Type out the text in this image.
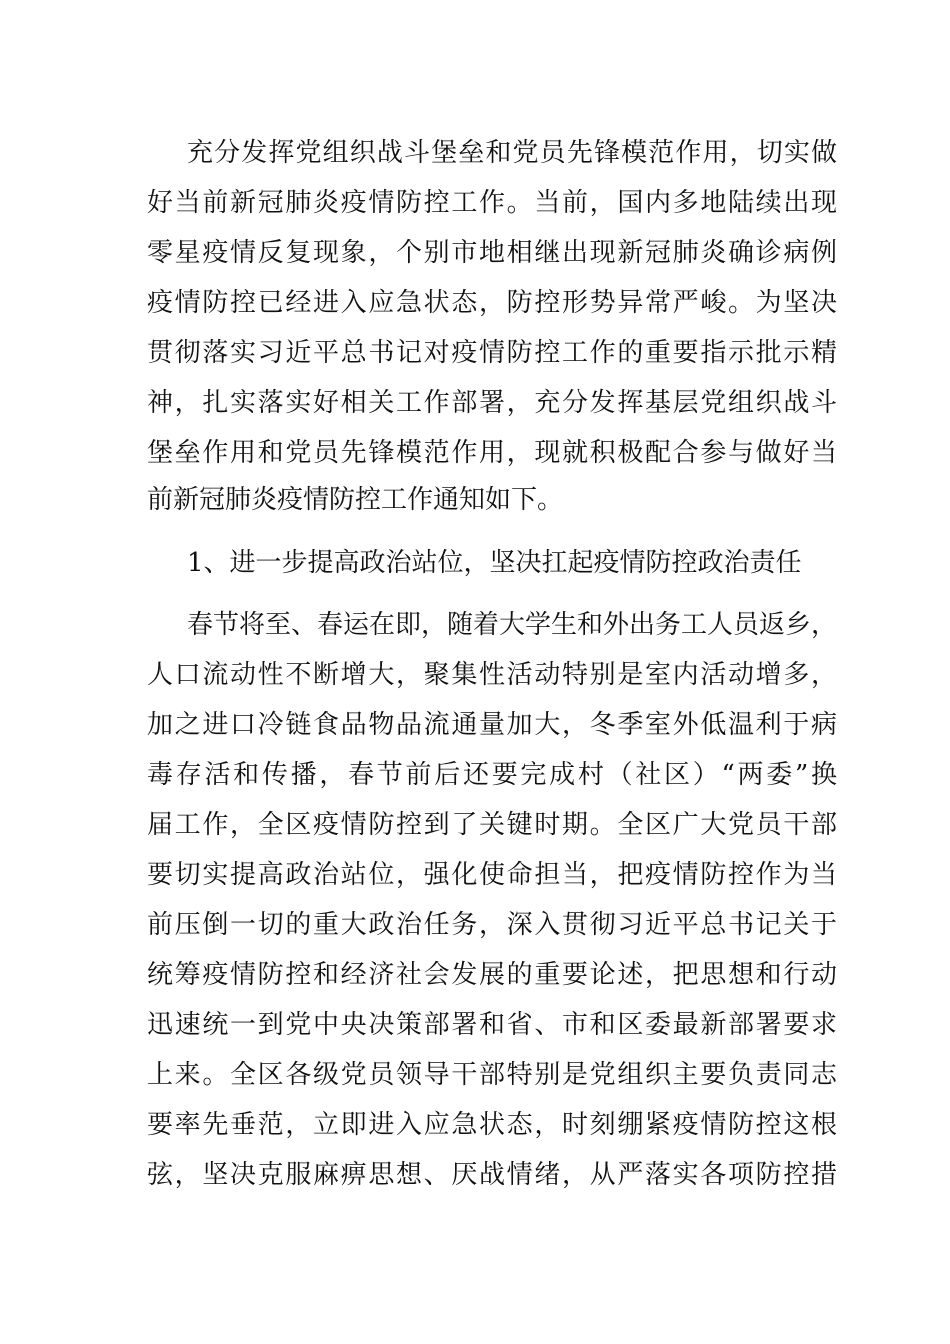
充分发挥党组织战斗堡垒和党员先锋模范作用，切实做
好当前新冠肺炎疫情防控工作。当前，国内多地陆续出现
零星疫情反复现象，个别市地相继出现新冠肺炎确诊病例
疫情防控已经进入应急状态，防控形势异常严峻。为坚决
贯彻落实习近平总书记对疫情防控工作的重要指示批示精
神，扎实落实好相关工作部署，充分发挥基层党组织战斗
堡垒作用和党员先锋模范作用，现就积极配合参与做好当
前新冠肺炎疫情防控工作通知如下。
1、进一步提高政治站位，坚决扛起疫情防控政治责任
春节将至、春运在即，随着大学生和外出务工人员返乡，
人口流动性不断增大，聚集性活动特别是室内活动增多，
加之进口冷链食品物品流通量加大，冬季室外低温利于病
毒存活和传播，春节前后还要完成村（社区）“两委”换
届工作，全区疫情防控到了关键时期。全区广大党员干部
要切实提高政治站位，强化使命担当，把疫情防控作为当
前压倒一切的重大政治任务，深入贯彻习近平总书记关于
统筹疫情防控和经济社会发展的重要论述，把思想和行动
迅速统一到党中央决策部署和省、市和区委最新部署要求
上来。全区各级党员领导干部特别是党组织主要负责同志
要率先垂范，立即进入应急状态，时刻绷紧疫情防控这根
弦，坚决克服麻痹思想、厌战情绪，从严落实各项防控措
